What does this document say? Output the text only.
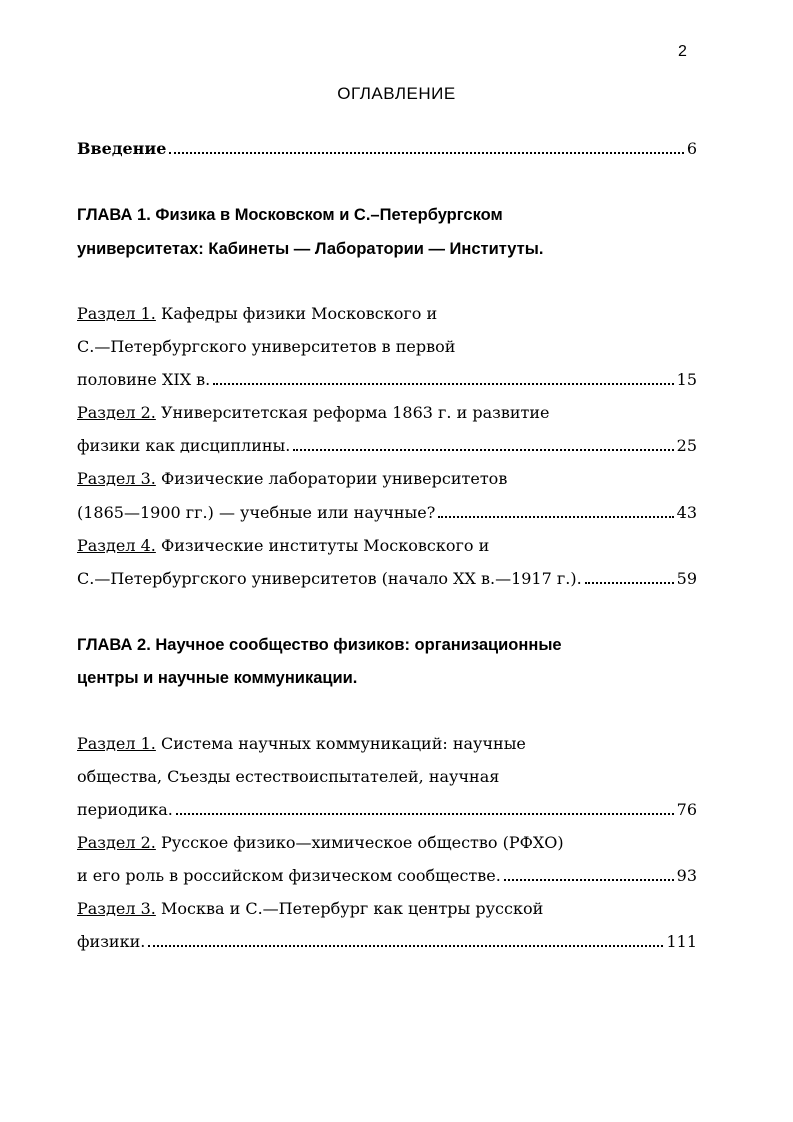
2
ОГЛАВЛЕНИЕ
Введение	6
ГЛАВА 1. Физика в Московском и С.–Петербургском
университетах: Кабинеты — Лаборатории — Институты.
Раздел 1. Кафедры физики Московского и
С.—Петербургского университетов в первой
половине XIX в.	15
Раздел 2. Университетская реформа 1863 г. и развитие
физики как дисциплины.	25
Раздел 3. Физические лаборатории университетов
(1865—1900 гг.) — учебные или научные?	43
Раздел 4. Физические институты Московского и
С.—Петербургского университетов (начало XX в.—1917 г.).	59
ГЛАВА 2. Научное сообщество физиков: организационные
центры и научные коммуникации.
Раздел 1. Система научных коммуникаций: научные
общества, Съезды естествоиспытателей, научная
периодика.	76
Раздел 2. Русское физико—химическое общество (РФХО)
и его роль в российском физическом сообществе.	93
Раздел 3. Москва и С.—Петербург как центры русской
физики.	111
